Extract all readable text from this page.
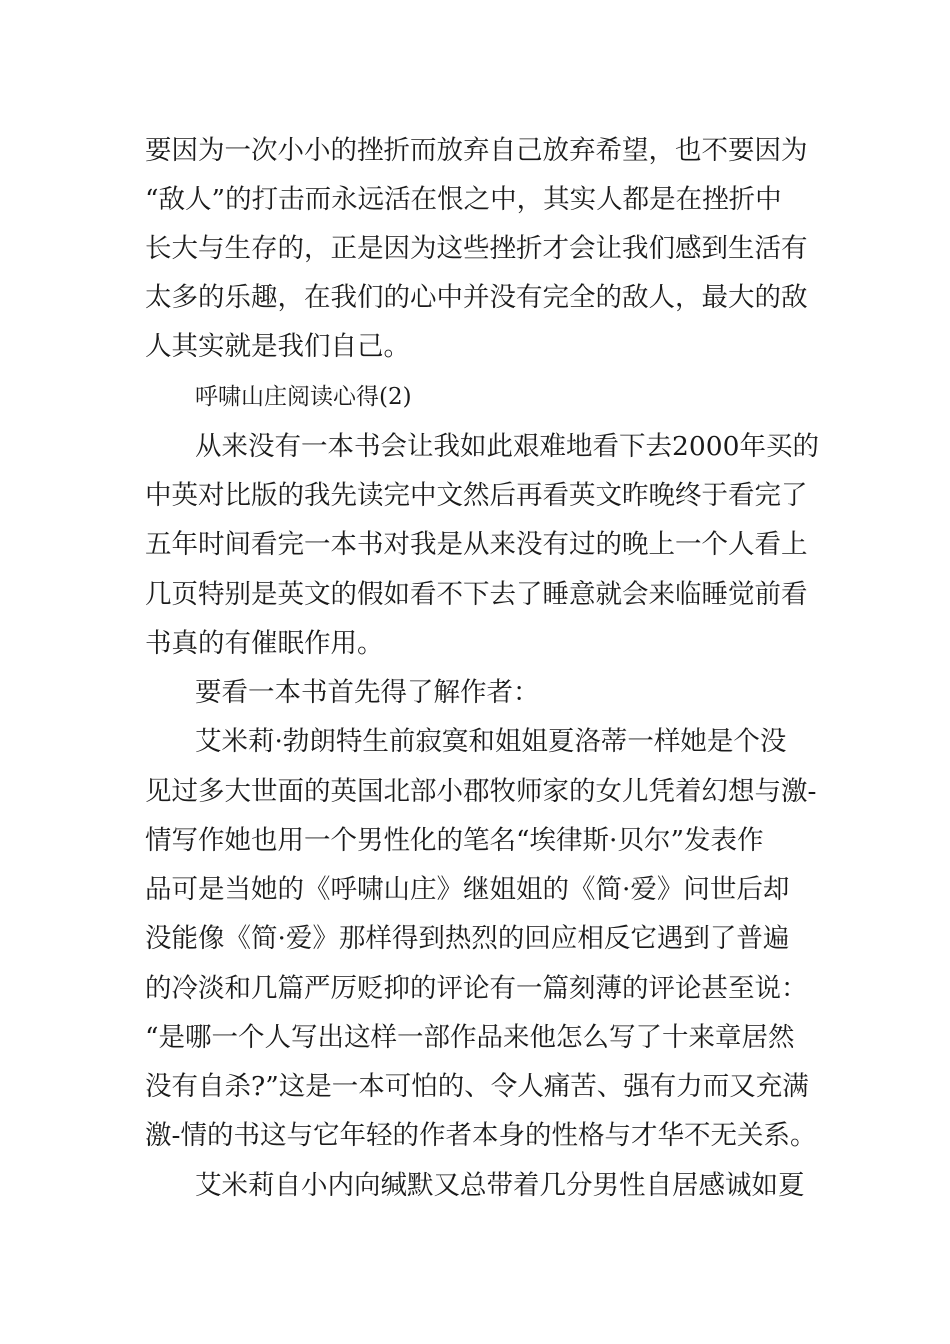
要因为一次小小的挫折而放弃自己放弃希望，也不要因为
“敌人”的打击而永远活在恨之中，其实人都是在挫折中
长大与生存的，正是因为这些挫折才会让我们感到生活有
太多的乐趣，在我们的心中并没有完全的敌人，最大的敌
人其实就是我们自己。
呼啸山庄阅读心得(2)
从来没有一本书会让我如此艰难地看下去2000年买的
中英对比版的我先读完中文然后再看英文昨晚终于看完了
五年时间看完一本书对我是从来没有过的晚上一个人看上
几页特别是英文的假如看不下去了睡意就会来临睡觉前看
书真的有催眠作用。
要看一本书首先得了解作者：
艾米莉·勃朗特生前寂寞和姐姐夏洛蒂一样她是个没
见过多大世面的英国北部小郡牧师家的女儿凭着幻想与激-
情写作她也用一个男性化的笔名“埃律斯·贝尔”发表作
品可是当她的《呼啸山庄》继姐姐的《简·爱》问世后却
没能像《简·爱》那样得到热烈的回应相反它遇到了普遍
的冷淡和几篇严厉贬抑的评论有一篇刻薄的评论甚至说：
“是哪一个人写出这样一部作品来他怎么写了十来章居然
没有自杀?”这是一本可怕的、令人痛苦、强有力而又充满
激-情的书这与它年轻的作者本身的性格与才华不无关系。
艾米莉自小内向缄默又总带着几分男性自居感诚如夏
